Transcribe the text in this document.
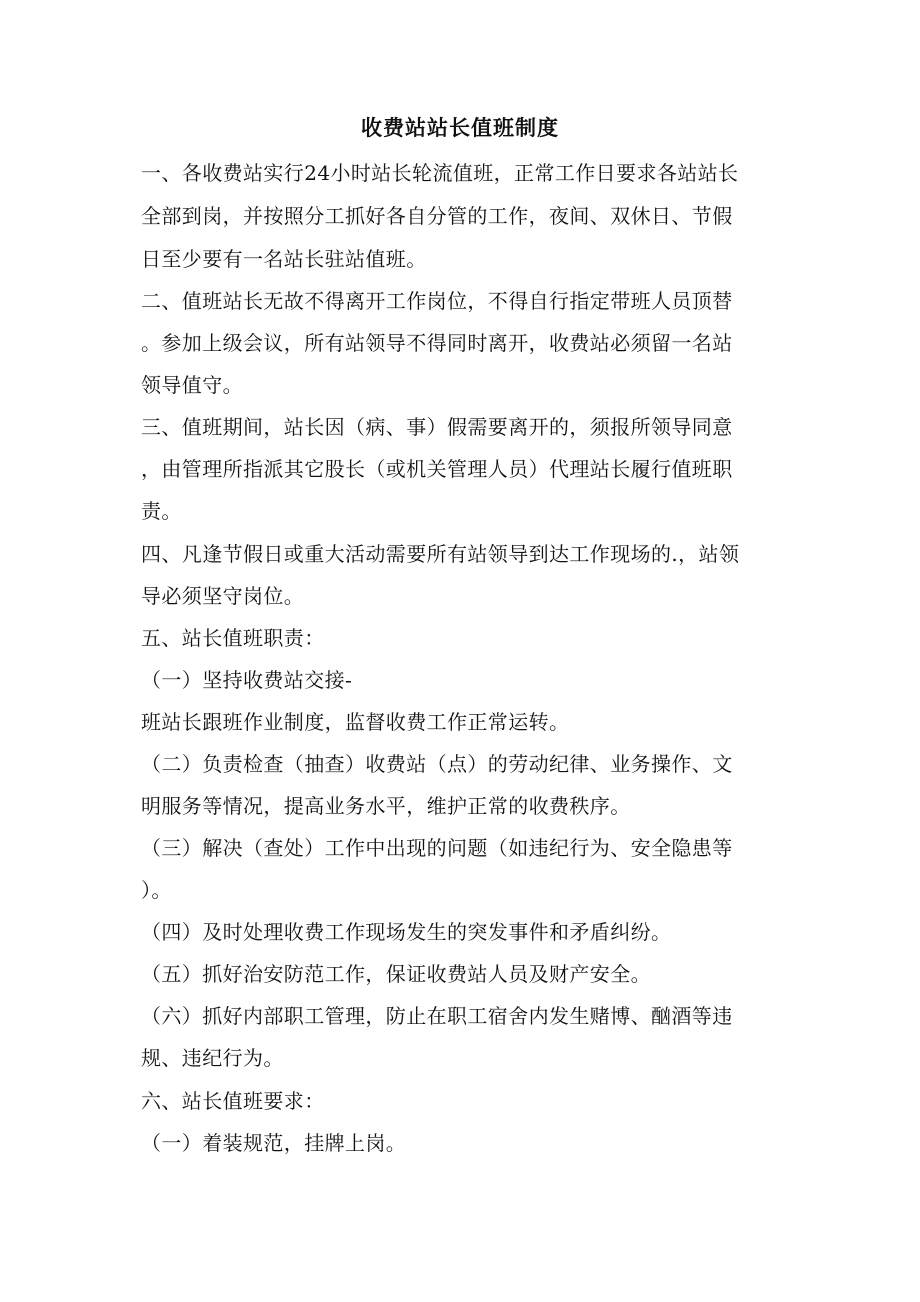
收费站站长值班制度
一、各收费站实行24小时站长轮流值班，正常工作日要求各站站长
全部到岗，并按照分工抓好各自分管的工作，夜间、双休日、节假
日至少要有一名站长驻站值班。
二、值班站长无故不得离开工作岗位，不得自行指定带班人员顶替
。参加上级会议，所有站领导不得同时离开，收费站必须留一名站
领导值守。
三、值班期间，站长因（病、事）假需要离开的，须报所领导同意
，由管理所指派其它股长（或机关管理人员）代理站长履行值班职
责。
四、凡逢节假日或重大活动需要所有站领导到达工作现场的.，站领
导必须坚守岗位。
五、站长值班职责：
（一）坚持收费站交接-
班站长跟班作业制度，监督收费工作正常运转。
（二）负责检查（抽查）收费站（点）的劳动纪律、业务操作、文
明服务等情况，提高业务水平，维护正常的收费秩序。
（三）解决（查处）工作中出现的问题（如违纪行为、安全隐患等
）。
（四）及时处理收费工作现场发生的突发事件和矛盾纠纷。
（五）抓好治安防范工作，保证收费站人员及财产安全。
（六）抓好内部职工管理，防止在职工宿舍内发生赌博、酗酒等违
规、违纪行为。
六、站长值班要求：
（一）着装规范，挂牌上岗。
